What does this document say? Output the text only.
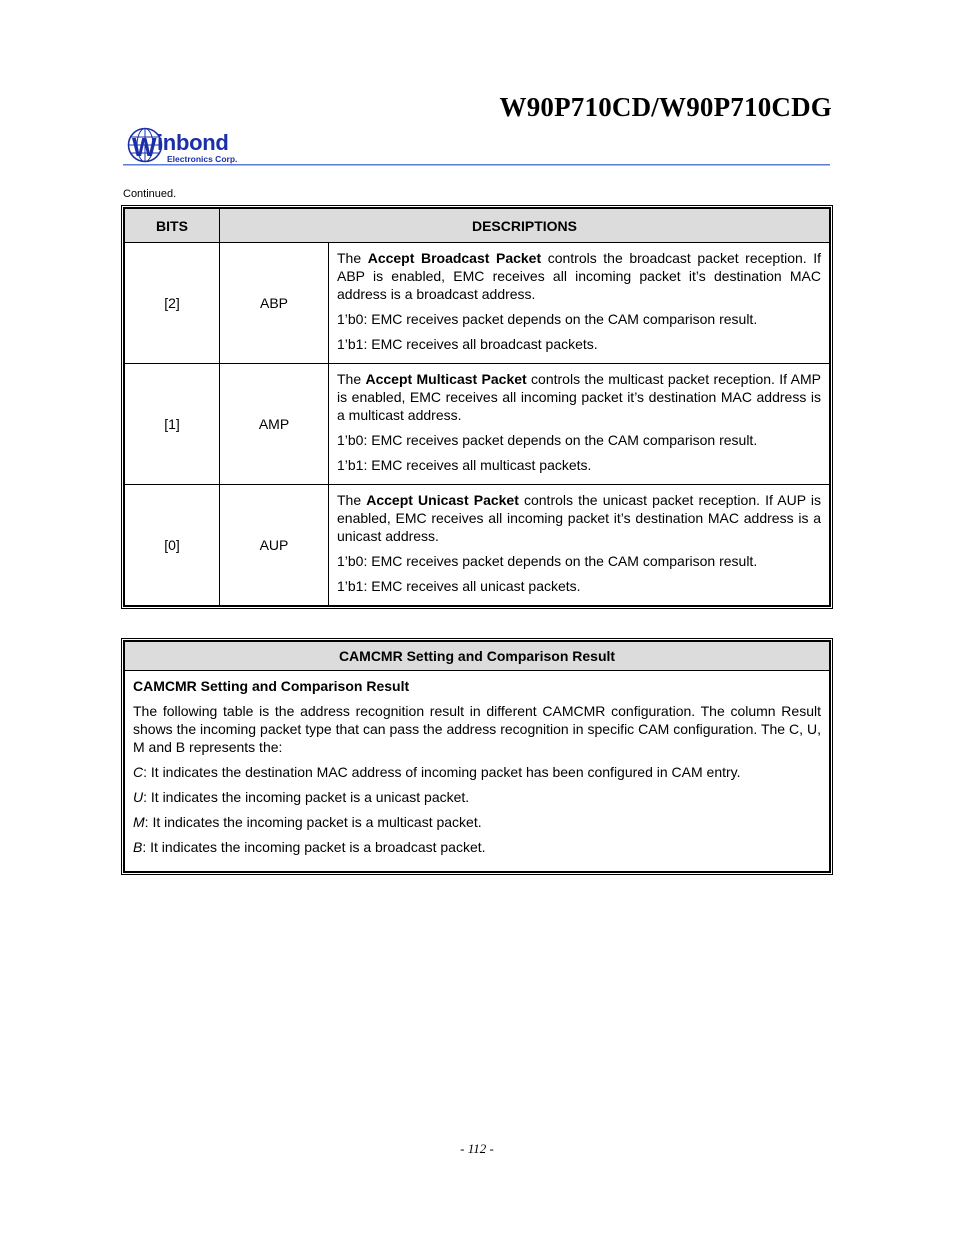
W90P710CD/W90P710CDG
W inbond
Electronics Corp.
Continued.
BITS	DESCRIPTIONS	
[2]	ABP	The Accept Broadcast Packet controls the broadcast packet reception. If ABP is enabled, EMC receives all incoming packet it’s destination MAC address is a broadcast address.

1’b0: EMC receives packet depends on the CAM comparison result.

1’b1: EMC receives all broadcast packets.

[1]	AMP	The Accept Multicast Packet controls the multicast packet reception. If AMP is enabled, EMC receives all incoming packet it’s destination MAC address is a multicast address.

1’b0: EMC receives packet depends on the CAM comparison result.

1’b1: EMC receives all multicast packets.

[0]	AUP	The Accept Unicast Packet controls the unicast packet reception. If AUP is enabled, EMC receives all incoming packet it’s destination MAC address is a unicast address.

1’b0: EMC receives packet depends on the CAM comparison result.

1’b1: EMC receives all unicast packets.

CAMCMR Setting and Comparison Result

CAMCMR Setting and Comparison Result

The following table is the address recognition result in different CAMCMR configuration. The column Result shows the incoming packet type that can pass the address recognition in specific CAM configuration. The C, U, M and B represents the:

C: It indicates the destination MAC address of incoming packet has been configured in CAM entry.

U: It indicates the incoming packet is a unicast packet.

M: It indicates the incoming packet is a multicast packet.

B: It indicates the incoming packet is a broadcast packet.

- 112 -
